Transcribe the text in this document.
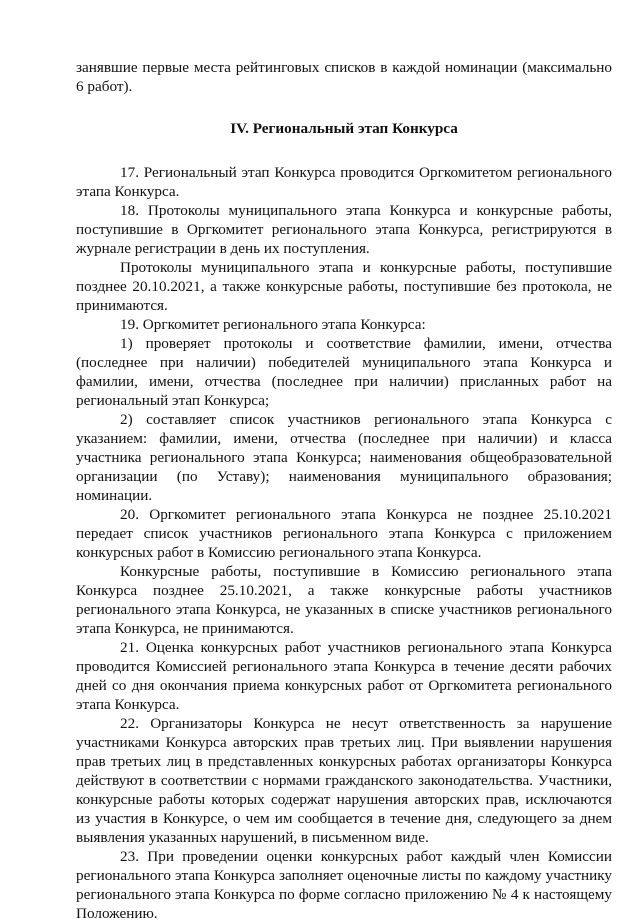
занявшие первые места рейтинговых списков в каждой номинации (максимально 6 работ).

IV. Региональный этап Конкурса

17. Региональный этап Конкурса проводится Оргкомитетом регионального этапа Конкурса.

18. Протоколы муниципального этапа Конкурса и конкурсные работы, поступившие в Оргкомитет регионального этапа Конкурса, регистрируются в журнале регистрации в день их поступления.

Протоколы муниципального этапа и конкурсные работы, поступившие позднее 20.10.2021, а также конкурсные работы, поступившие без протокола, не принимаются.

19. Оргкомитет регионального этапа Конкурса:

1) проверяет протоколы и соответствие фамилии, имени, отчества (последнее при наличии) победителей муниципального этапа Конкурса и фамилии, имени, отчества (последнее при наличии) присланных работ на региональный этап Конкурса;

2) составляет список участников регионального этапа Конкурса с указанием: фамилии, имени, отчества (последнее при наличии) и класса участника регионального этапа Конкурса; наименования общеобразовательной организации (по Уставу); наименования муниципального образования; номинации.

20. Оргкомитет регионального этапа Конкурса не позднее 25.10.2021 передает список участников регионального этапа Конкурса с приложением конкурсных работ в Комиссию регионального этапа Конкурса.

Конкурсные работы, поступившие в Комиссию регионального этапа Конкурса позднее 25.10.2021, а также конкурсные работы участников регионального этапа Конкурса, не указанных в списке участников регионального этапа Конкурса, не принимаются.

21. Оценка конкурсных работ участников регионального этапа Конкурса проводится Комиссией регионального этапа Конкурса в течение десяти рабочих дней со дня окончания приема конкурсных работ от Оргкомитета регионального этапа Конкурса.

22. Организаторы Конкурса не несут ответственность за нарушение участниками Конкурса авторских прав третьих лиц. При выявлении нарушения прав третьих лиц в представленных конкурсных работах организаторы Конкурса действуют в соответствии с нормами гражданского законодательства. Участники, конкурсные работы которых содержат нарушения авторских прав, исключаются из участия в Конкурсе, о чем им сообщается в течение дня, следующего за днем выявления указанных нарушений, в письменном виде.

23. При проведении оценки конкурсных работ каждый член Комиссии регионального этапа Конкурса заполняет оценочные листы по каждому участнику регионального этапа Конкурса по форме согласно приложению № 4 к настоящему Положению.
